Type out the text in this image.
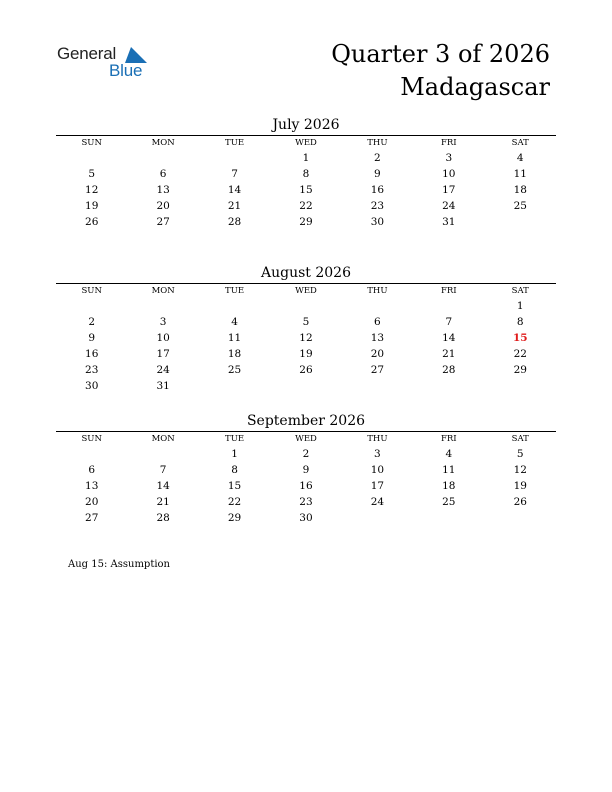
General
Blue
Quarter 3 of 2026
Madagascar
July 2026
SUN	MON	TUE	WED	THU	FRI	SAT
			1	2	3	4
5	6	7	8	9	10	11
12	13	14	15	16	17	18
19	20	21	22	23	24	25
26	27	28	29	30	31	
August 2026
SUN	MON	TUE	WED	THU	FRI	SAT
						1
2	3	4	5	6	7	8
9	10	11	12	13	14	15
16	17	18	19	20	21	22
23	24	25	26	27	28	29
30	31					
September 2026
SUN	MON	TUE	WED	THU	FRI	SAT
		1	2	3	4	5
6	7	8	9	10	11	12
13	14	15	16	17	18	19
20	21	22	23	24	25	26
27	28	29	30			
Aug 15: Assumption
